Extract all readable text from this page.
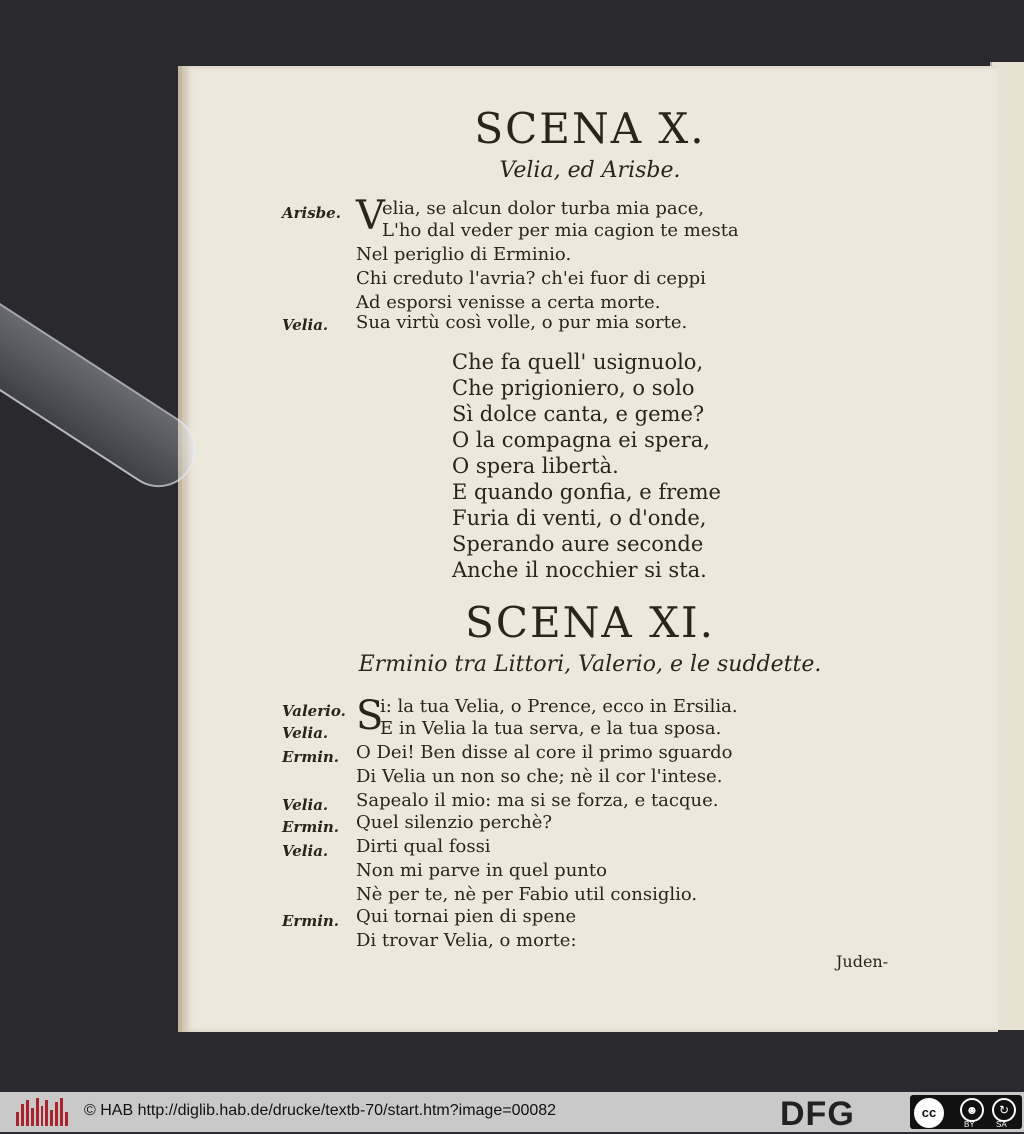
SCENA X.
Velia, ed Arisbe.
Arisbe. V
elia, se alcun dolor turba mia pace,
L'ho dal veder per mia cagion te mesta
Nel periglio di Erminio.
Chi creduto l'avria? ch'ei fuor di ceppi
Ad esporsi venisse a certa morte.
Velia. Sua virtù così volle, o pur mia sorte.
Che fa quell' usignuolo,
Che prigioniero, o solo
Sì dolce canta, e geme?
O la compagna ei spera,
O spera libertà.
E quando gonfia, e freme
Furia di venti, o d'onde,
Sperando aure seconde
Anche il nocchier si sta.
SCENA XI.
Erminio tra Littori, Valerio, e le suddette.
S
Valerio. i: la tua Velia, o Prence, ecco in Ersilia.
Velia.	E in Velia la tua serva, e la tua sposa.
Ermin. O Dei! Ben disse al core il primo sguardo
Di Velia un non so che; nè il cor l'intese.
Velia. Sapealo il mio: ma si se forza, e tacque.
Ermin. Quel silenzio perchè?
Velia. Dirti qual fossi
Non mi parve in quel punto
Nè per te, nè per Fabio util consiglio.
Ermin. Qui tornai pien di spene
Di trovar Velia, o morte:
Juden-
© HAB http://diglib.hab.de/drucke/textb-70/start.htm?image=00082	DFG	cc	☻	↻
BY	SA
